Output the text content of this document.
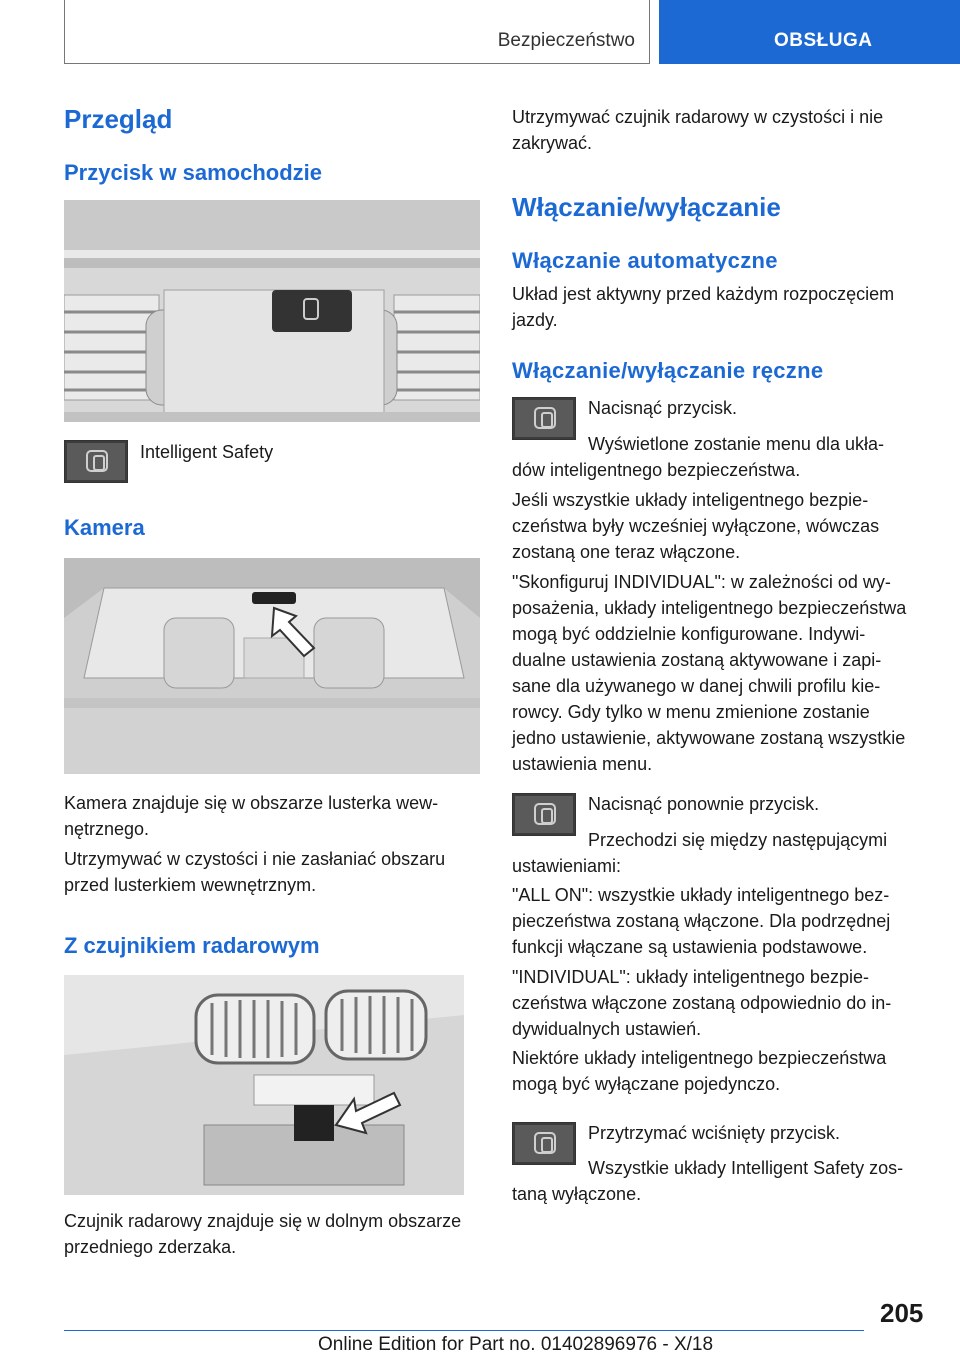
Bezpieczeństwo	OBSŁUGA
Przegląd
Przycisk w samochodzie
Intelligent Safety
Kamera
Kamera znajduje się w obszarze lusterka wew-
nętrznego.
Utrzymywać w czystości i nie zasłaniać obszaru
przed lusterkiem wewnętrznym.
Z czujnikiem radarowym
Czujnik radarowy znajduje się w dolnym obszarze
przedniego zderzaka.
Utrzymywać czujnik radarowy w czystości i nie
zakrywać.
Włączanie/wyłączanie
Włączanie automatyczne
Układ jest aktywny przed każdym rozpoczęciem
jazdy.
Włączanie/wyłączanie ręczne
Nacisnąć przycisk.
Wyświetlone zostanie menu dla ukła-
dów inteligentnego bezpieczeństwa.
Jeśli wszystkie układy inteligentnego bezpie-
czeństwa były wcześniej wyłączone, wówczas
zostaną one teraz włączone.
"Skonfiguruj INDIVIDUAL": w zależności od wy-
posażenia, układy inteligentnego bezpieczeństwa
mogą być oddzielnie konfigurowane. Indywi-
dualne ustawienia zostaną aktywowane i zapi-
sane dla używanego w danej chwili profilu kie-
rowcy. Gdy tylko w menu zmienione zostanie
jedno ustawienie, aktywowane zostaną wszystkie
ustawienia menu.
Nacisnąć ponownie przycisk.
Przechodzi się między następującymi
ustawieniami:
"ALL ON": wszystkie układy inteligentnego bez-
pieczeństwa zostaną włączone. Dla podrzędnej
funkcji włączane są ustawienia podstawowe.
"INDIVIDUAL": układy inteligentnego bezpie-
czeństwa włączone zostaną odpowiednio do in-
dywidualnych ustawień.
Niektóre układy inteligentnego bezpieczeństwa
mogą być wyłączane pojedynczo.
Przytrzymać wciśnięty przycisk.
Wszystkie układy Intelligent Safety zos-
taną wyłączone.
205
Online Edition for Part no. 01402896976 - X/18
